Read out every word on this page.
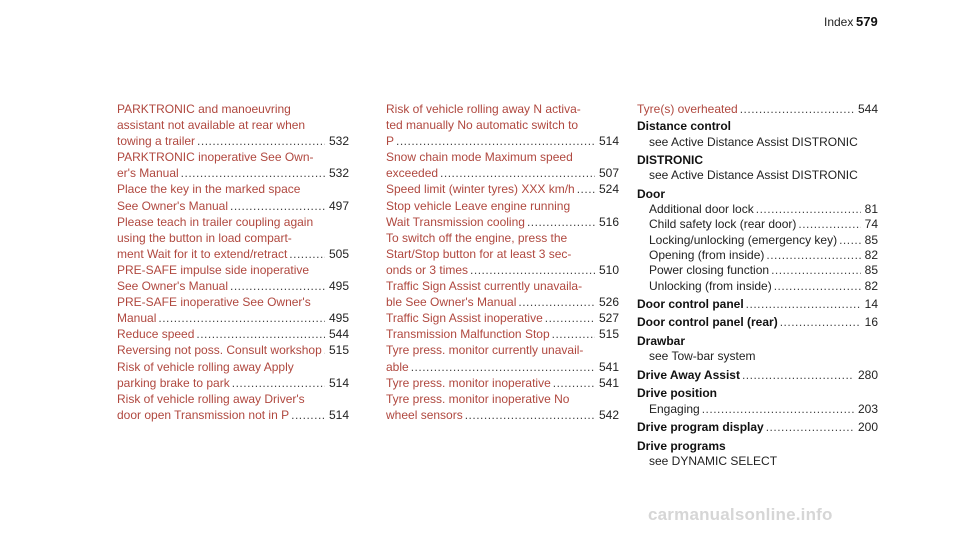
Index 579
PARKTRONIC and manoeuvring
assistant not available at rear when
towing a trailer .....	532
PARKTRONIC inoperative See Own-
er's Manual .....	532
Place the key in the marked space
See Owner's Manual .....	497
Please teach in trailer coupling again
using the button in load compart-
ment Wait for it to extend/retract .....	505
PRE-SAFE impulse side inoperative
See Owner's Manual .....	495
PRE-SAFE inoperative See Owner's
Manual .....	495
Reduce speed .....	544
Reversing not poss. Consult workshop ..... 515
Risk of vehicle rolling away Apply
parking brake to park .....	514
Risk of vehicle rolling away Driver's
door open Transmission not in P .....	514
Risk of vehicle rolling away N activa-
ted manually No automatic switch to
P .....	514
Snow chain mode Maximum speed
exceeded .....	507
Speed limit (winter tyres) XXX km/h ..... 524
Stop vehicle Leave engine running
Wait Transmission cooling .....	516
To switch off the engine, press the
Start/Stop button for at least 3 sec-
onds or 3 times .....	510
Traffic Sign Assist currently unavaila-
ble See Owner's Manual .....	526
Traffic Sign Assist inoperative .....	527
Transmission Malfunction Stop .....	515
Tyre press. monitor currently unavail-
able .....	541
Tyre press. monitor inoperative .....	541
Tyre press. monitor inoperative No
wheel sensors .....	542
Tyre(s) overheated .....	544
Distance control
see Active Distance Assist DISTRONIC
DISTRONIC
see Active Distance Assist DISTRONIC
Door
Additional door lock .....	81
Child safety lock (rear door) .....	74
Locking/unlocking (emergency key) ..... 85
Opening (from inside) .....	82
Power closing function .....	85
Unlocking (from inside) .....	82
Door control panel .....	14
Door control panel (rear) .....	16
Drawbar
see Tow-bar system
Drive Away Assist .....	280
Drive position
Engaging .....	203
Drive program display .....	200
Drive programs
see DYNAMIC SELECT
carmanualsonline.info
